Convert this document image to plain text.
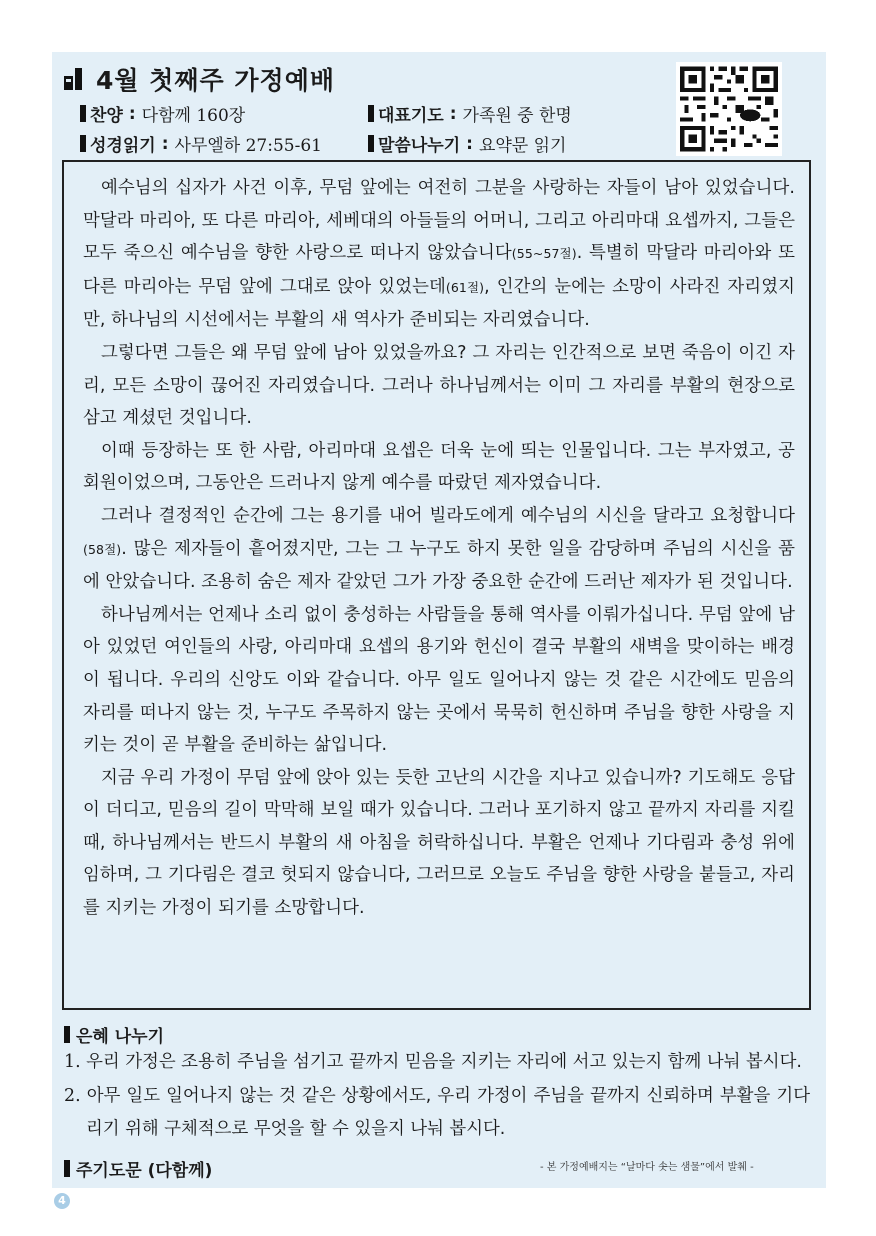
4월 첫째주 가정예배
찬양 : 다함께 160장	대표기도 : 가족원 중 한명
성경읽기 : 사무엘하 27:55-61	말씀나누기 : 요약문 읽기

예수님의 십자가 사건 이후, 무덤 앞에는 여전히 그분을 사랑하는 자들이 남아 있었습니다. 막달라 마리아, 또 다른 마리아, 세베대의 아들들의 어머니, 그리고 아리마대 요셉까지, 그들은 모두 죽으신 예수님을 향한 사랑으로 떠나지 않았습니다(55~57절). 특별히 막달라 마리아와 또 다른 마리아는 무덤 앞에 그대로 앉아 있었는데(61절), 인간의 눈에는 소망이 사라진 자리였지만, 하나님의 시선에서는 부활의 새 역사가 준비되는 자리였습니다.

그렇다면 그들은 왜 무덤 앞에 남아 있었을까요? 그 자리는 인간적으로 보면 죽음이 이긴 자리, 모든 소망이 끊어진 자리였습니다. 그러나 하나님께서는 이미 그 자리를 부활의 현장으로 삼고 계셨던 것입니다.

이때 등장하는 또 한 사람, 아리마대 요셉은 더욱 눈에 띄는 인물입니다. 그는 부자였고, 공회원이었으며, 그동안은 드러나지 않게 예수를 따랐던 제자였습니다.

그러나 결정적인 순간에 그는 용기를 내어 빌라도에게 예수님의 시신을 달라고 요청합니다(58절). 많은 제자들이 흩어졌지만, 그는 그 누구도 하지 못한 일을 감당하며 주님의 시신을 품에 안았습니다. 조용히 숨은 제자 같았던 그가 가장 중요한 순간에 드러난 제자가 된 것입니다.

하나님께서는 언제나 소리 없이 충성하는 사람들을 통해 역사를 이뤄가십니다. 무덤 앞에 남아 있었던 여인들의 사랑, 아리마대 요셉의 용기와 헌신이 결국 부활의 새벽을 맞이하는 배경이 됩니다. 우리의 신앙도 이와 같습니다. 아무 일도 일어나지 않는 것 같은 시간에도 믿음의 자리를 떠나지 않는 것, 누구도 주목하지 않는 곳에서 묵묵히 헌신하며 주님을 향한 사랑을 지키는 것이 곧 부활을 준비하는 삶입니다.

지금 우리 가정이 무덤 앞에 앉아 있는 듯한 고난의 시간을 지나고 있습니까? 기도해도 응답이 더디고, 믿음의 길이 막막해 보일 때가 있습니다. 그러나 포기하지 않고 끝까지 자리를 지킬 때, 하나님께서는 반드시 부활의 새 아침을 허락하십니다. 부활은 언제나 기다림과 충성 위에 임하며, 그 기다림은 결코 헛되지 않습니다, 그러므로 오늘도 주님을 향한 사랑을 붙들고, 자리를 지키는 가정이 되기를 소망합니다.

은혜 나누기
1. 우리 가정은 조용히 주님을 섬기고 끝까지 믿음을 지키는 자리에 서고 있는지 함께 나눠 봅시다.
2. 아무 일도 일어나지 않는 것 같은 상황에서도, 우리 가정이 주님을 끝까지 신뢰하며 부활을 기다리기 위해 구체적으로 무엇을 할 수 있을지 나눠 봅시다.
주기도문 (다함께)	- 본 가정예배지는 “날마다 솟는 샘물”에서 발췌 -
4
